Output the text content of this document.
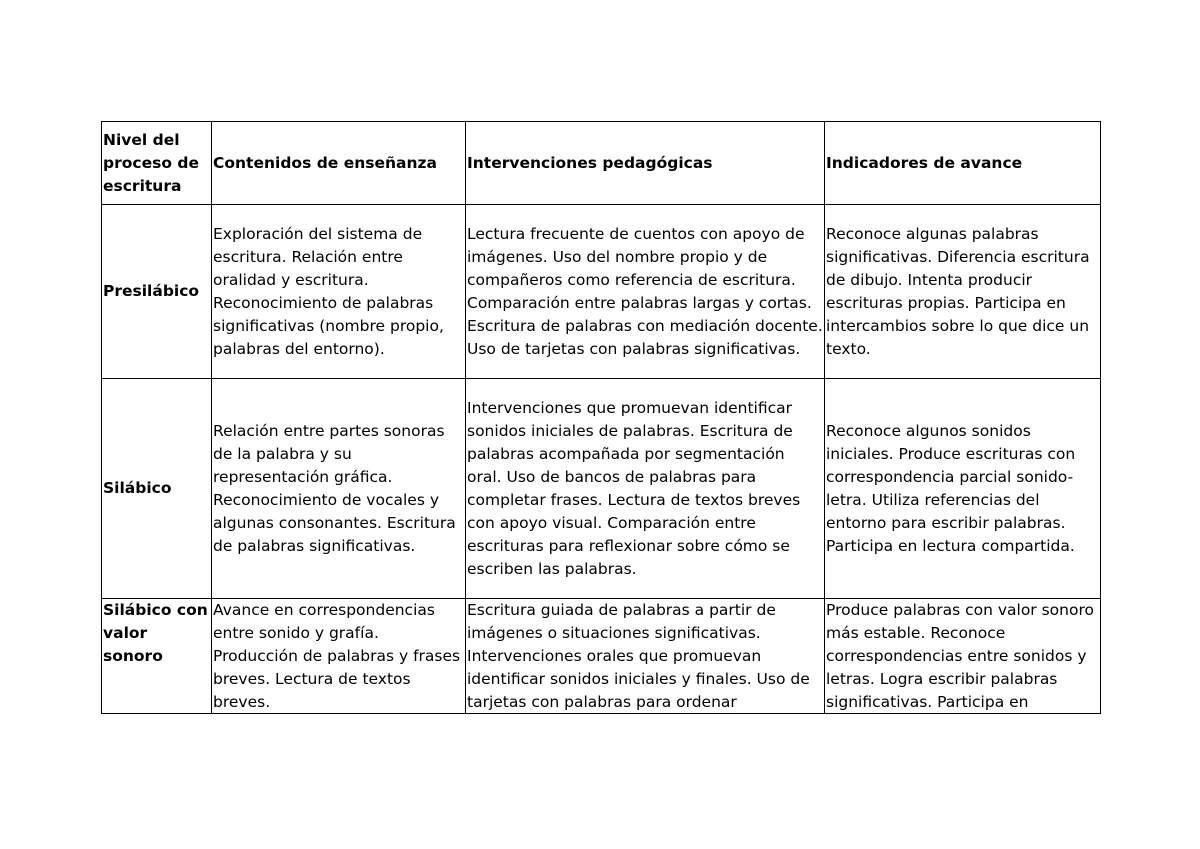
Nivel del proceso de escritura	Contenidos de enseñanza	Intervenciones pedagógicas	Indicadores de avance
Presilábico	Exploración del sistema de escritura. Relación entre oralidad y escritura. Reconocimiento de palabras significativas (nombre propio, palabras del entorno).	Lectura frecuente de cuentos con apoyo de imágenes. Uso del nombre propio y de compañeros como referencia de escritura. Comparación entre palabras largas y cortas. Escritura de palabras con mediación docente. Uso de tarjetas con palabras significativas.	Reconoce algunas palabras significativas. Diferencia escritura de dibujo. Intenta producir escrituras propias. Participa en intercambios sobre lo que dice un texto.
Silábico	Relación entre partes sonoras de la palabra y su representación gráfica. Reconocimiento de vocales y algunas consonantes. Escritura de palabras significativas.	Intervenciones que promuevan identificar sonidos iniciales de palabras. Escritura de palabras acompañada por segmentación oral. Uso de bancos de palabras para completar frases. Lectura de textos breves con apoyo visual. Comparación entre escrituras para reflexionar sobre cómo se escriben las palabras.	Reconoce algunos sonidos iniciales. Produce escrituras con correspondencia parcial sonido-letra. Utiliza referencias del entorno para escribir palabras. Participa en lectura compartida.

Silábico con valor sonoro	Avance en correspondencias entre sonido y grafía. Producción de palabras y frases breves. Lectura de textos breves.	Escritura guiada de palabras a partir de imágenes o situaciones significativas. Intervenciones orales que promuevan identificar sonidos iniciales y finales. Uso de tarjetas con palabras para ordenar	Produce palabras con valor sonoro más estable. Reconoce correspondencias entre sonidos y letras. Logra escribir palabras significativas. Participa en
